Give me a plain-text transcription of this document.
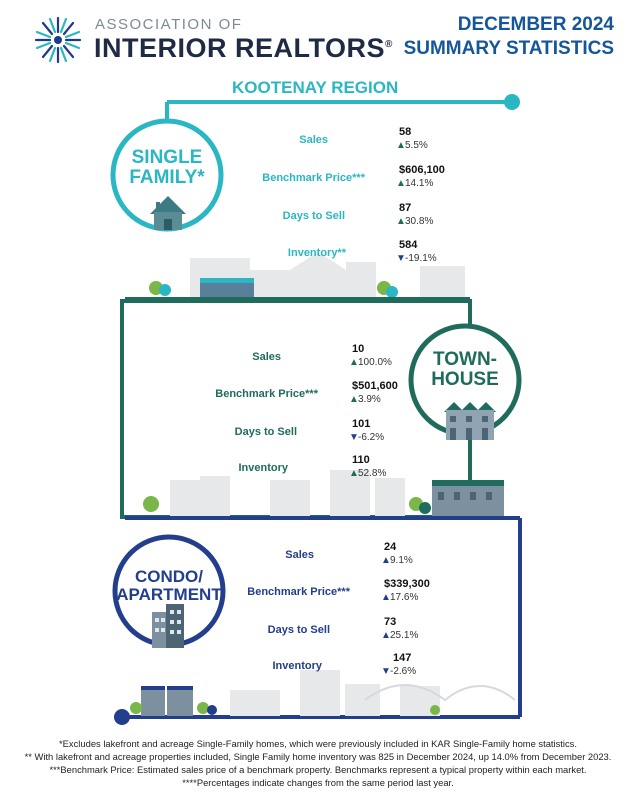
ASSOCIATION OF
INTERIOR REALTORS®
DECEMBER 2024
SUMMARY STATISTICS
KOOTENAY REGION
SINGLE
FAMILY*
TOWN-
HOUSE
CONDO/
APARTMENT
Sales
58
▲5.5%
Benchmark Price***
$606,100
▲14.1%
Days to Sell
87
▲30.8%
Inventory**
584
▼-19.1%
Sales
10
▲100.0%
Benchmark Price***
$501,600
▲3.9%
Days to Sell
101
▼-6.2%
Inventory
110
▲52.8%
Sales
24
▲9.1%
Benchmark Price***
$339,300
▲17.6%
Days to Sell
73
▲25.1%
Inventory
147
▼-2.6%
*Excludes lakefront and acreage Single-Family homes, which were previously included in KAR Single-Family home statistics.
** With lakefront and acreage properties included, Single Family home inventory was 825 in December 2024, up 14.0% from December 2023.
***Benchmark Price: Estimated sales price of a benchmark property. Benchmarks represent a typical property within each market.
****Percentages indicate changes from the same period last year.
